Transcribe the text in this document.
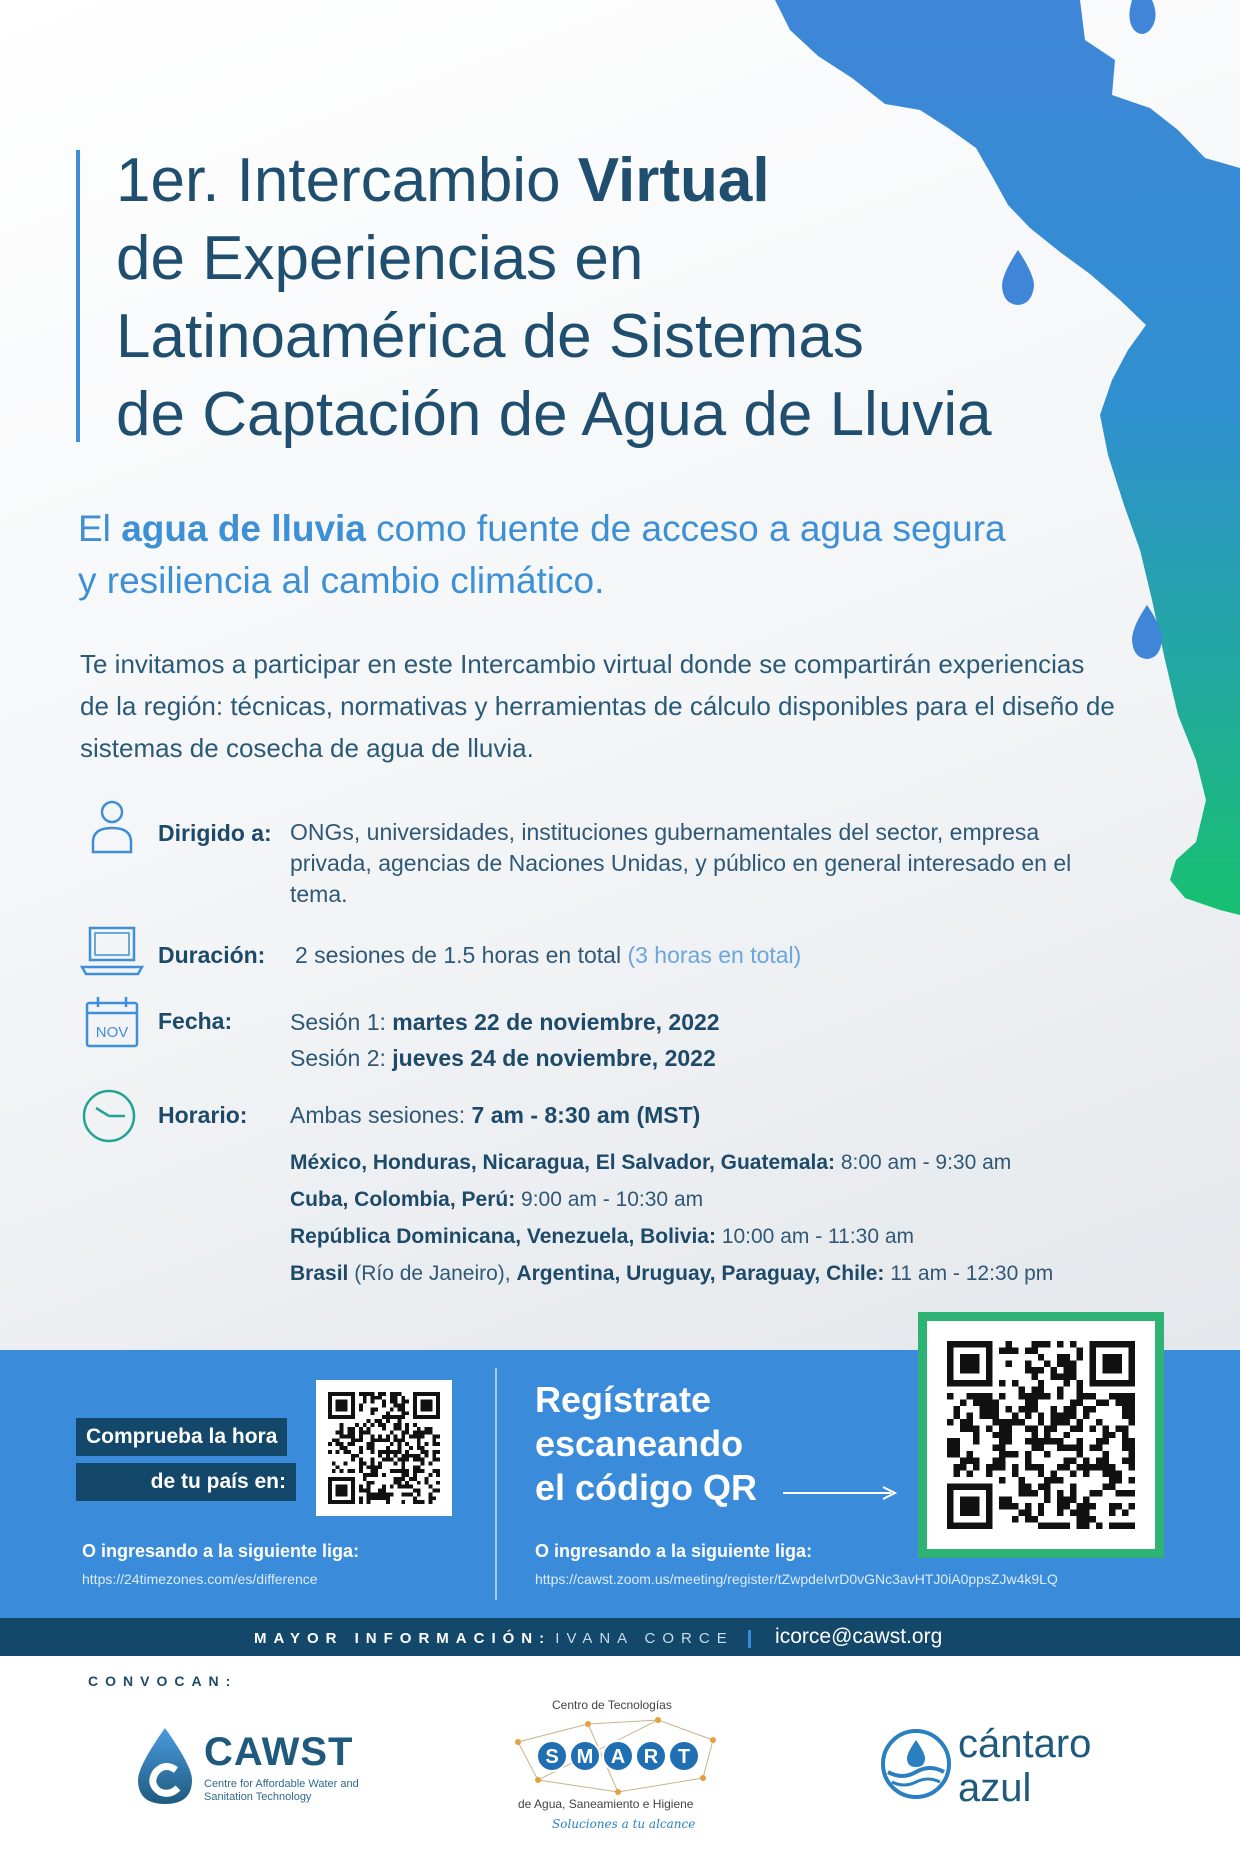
1er. Intercambio Virtual
de Experiencias en
Latinoamérica de Sistemas
de Captación de Agua de Lluvia
El agua de lluvia como fuente de acceso a agua segura
y resiliencia al cambio climático.

Te invitamos a participar en este Intercambio virtual donde se compartirán experiencias de la región: técnicas, normativas y herramientas de cálculo disponibles para el diseño de sistemas de cosecha de agua de lluvia.

Dirigido a: ONGs, universidades, instituciones gubernamentales del sector, empresa privada, agencias de Naciones Unidas, y público en general interesado en el tema.
Duración: 2 sesiones de 1.5 horas en total (3 horas en total)
NOV Fecha:	Sesión 1: martes 22 de noviembre, 2022
Sesión 2: jueves 24 de noviembre, 2022
Horario: Ambas sesiones: 7 am - 8:30 am (MST)
México, Honduras, Nicaragua, El Salvador, Guatemala: 8:00 am - 9:30 am
Cuba, Colombia, Perú: 9:00 am - 10:30 am
República Dominicana, Venezuela, Bolivia: 10:00 am - 11:30 am
Brasil (Río de Janeiro), Argentina, Uruguay, Paraguay, Chile: 11 am - 12:30 pm
Comprueba la hora
de tu país en:
O ingresando a la siguiente liga:
https://24timezones.com/es/difference
Regístrate
escaneando
el código QR
O ingresando a la siguiente liga:
https://cawst.zoom.us/meeting/register/tZwpdeIvrD0vGNc3avHTJ0iA0ppsZJw4k9LQ
MAYOR INFORMACIÓN: IVANA CORCE icorce@cawst.org
CONVOCAN:
CAWST
Centre for Affordable Water and Sanitation Technology
Centro de Tecnologías
S M A R T
de Agua, Saneamiento e Higiene
Soluciones a tu alcance
cántaro
azul
